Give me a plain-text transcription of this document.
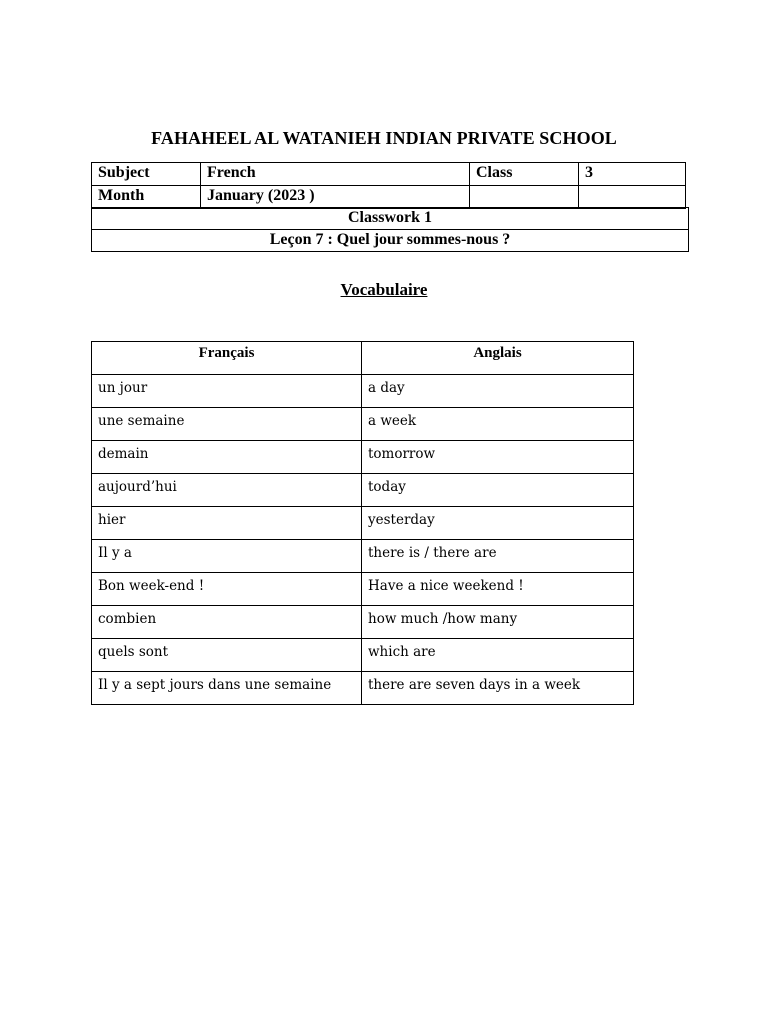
FAHAHEEL AL WATANIEH INDIAN PRIVATE SCHOOL
Subject	French	Class	3
Month	January (2023 )		
Classwork 1
Leçon 7 : Quel jour sommes-nous ?
Vocabulaire
Français	Anglais
un jour	a day
une semaine	a week
demain	tomorrow
aujourd’hui	today
hier	yesterday
Il y a	there is / there are
Bon week-end !	Have a nice weekend !
combien	how much /how many
quels sont	which are
Il y a sept jours dans une semaine	there are seven days in a week
